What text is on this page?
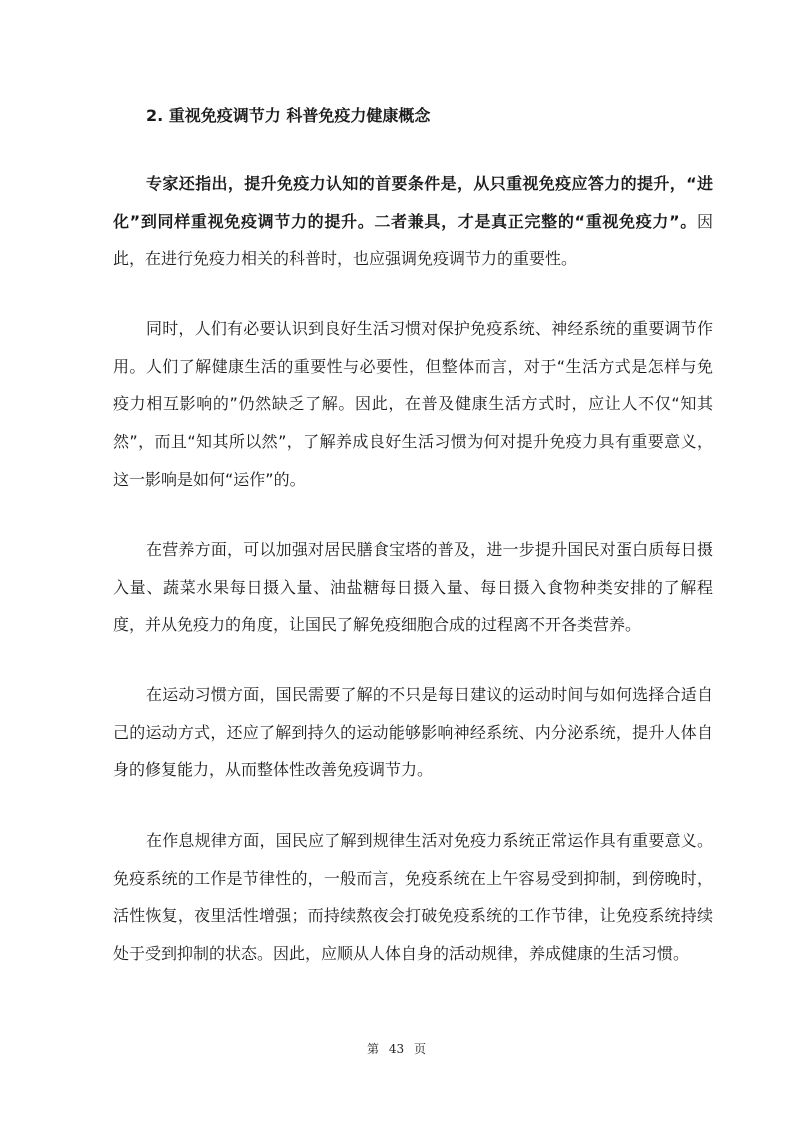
2. 重视免疫调节力 科普免疫力健康概念

专家还指出，提升免疫力认知的首要条件是，从只重视免疫应答力的提升，“进化”到同样重视免疫调节力的提升。二者兼具，才是真正完整的“重视免疫力”。因此，在进行免疫力相关的科普时，也应强调免疫调节力的重要性。

同时，人们有必要认识到良好生活习惯对保护免疫系统、神经系统的重要调节作用。人们了解健康生活的重要性与必要性，但整体而言，对于“生活方式是怎样与免疫力相互影响的”仍然缺乏了解。因此，在普及健康生活方式时，应让人不仅“知其然”，而且“知其所以然”，了解养成良好生活习惯为何对提升免疫力具有重要意义，这一影响是如何“运作”的。

在营养方面，可以加强对居民膳食宝塔的普及，进一步提升国民对蛋白质每日摄入量、蔬菜水果每日摄入量、油盐糖每日摄入量、每日摄入食物种类安排的了解程度，并从免疫力的角度，让国民了解免疫细胞合成的过程离不开各类营养。

在运动习惯方面，国民需要了解的不只是每日建议的运动时间与如何选择合适自己的运动方式，还应了解到持久的运动能够影响神经系统、内分泌系统，提升人体自身的修复能力，从而整体性改善免疫调节力。

在作息规律方面，国民应了解到规律生活对免疫力系统正常运作具有重要意义。免疫系统的工作是节律性的，一般而言，免疫系统在上午容易受到抑制，到傍晚时，活性恢复，夜里活性增强；而持续熬夜会打破免疫系统的工作节律，让免疫系统持续处于受到抑制的状态。因此，应顺从人体自身的活动规律，养成健康的生活习惯。

第 43 页
